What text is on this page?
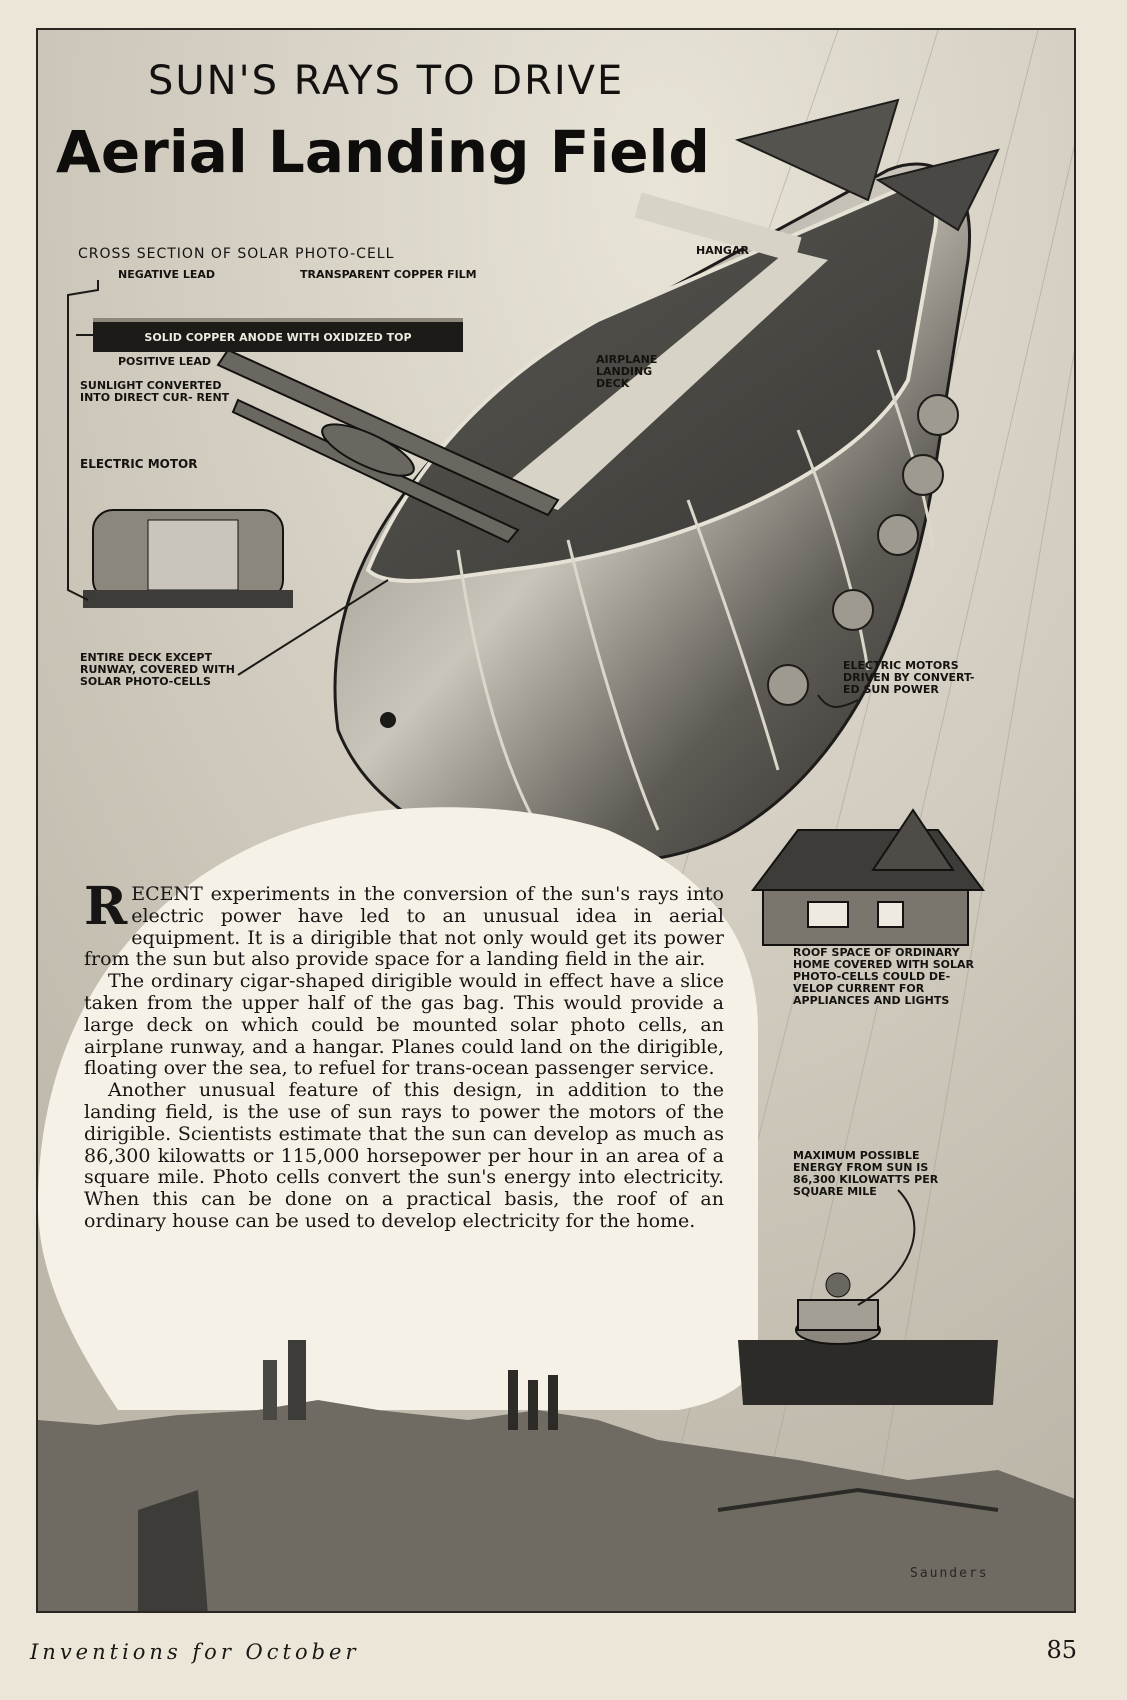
SUN'S RAYS TO DRIVE
Aerial Landing Field
CROSS SECTION OF SOLAR PHOTO-CELL
NEGATIVE LEAD	TRANSPARENT COPPER FILM
SOLID COPPER ANODE WITH OXIDIZED TOP
POSITIVE LEAD
SUNLIGHT CONVERTED INTO DIRECT CUR- RENT
ELECTRIC MOTOR
HANGAR
AIRPLANE LANDING DECK
ENTIRE DECK EXCEPT RUNWAY, COVERED WITH SOLAR PHOTO-CELLS
ELECTRIC MOTORS DRIVEN BY CONVERT- ED SUN POWER
ROOF SPACE OF ORDINARY HOME COVERED WITH SOLAR PHOTO-CELLS COULD DE- VELOP CURRENT FOR APPLIANCES AND LIGHTS
MAXIMUM POSSIBLE ENERGY FROM SUN IS 86,300 KILOWATTS PER SQUARE MILE
Saunders

R ECENT experiments in the conversion of the sun's rays into electric power have led to an unusual idea in aerial equipment. It is a dirigible that not only would get its power from the sun but also provide space for a landing field in the air.

The ordinary cigar-shaped dirigible would in effect have a slice taken from the upper half of the gas bag. This would provide a large deck on which could be mounted solar photo cells, an airplane runway, and a hangar. Planes could land on the dirigible, floating over the sea, to refuel for trans-ocean passenger service.

Another unusual feature of this design, in addition to the landing field, is the use of sun rays to power the motors of the dirigible. Scientists estimate that the sun can develop as much as 86,300 kilowatts or 115,000 horsepower per hour in an area of a square mile. Photo cells convert the sun's energy into electricity. When this can be done on a practical basis, the roof of an ordinary house can be used to develop electricity for the home.

Inventions for October	85
